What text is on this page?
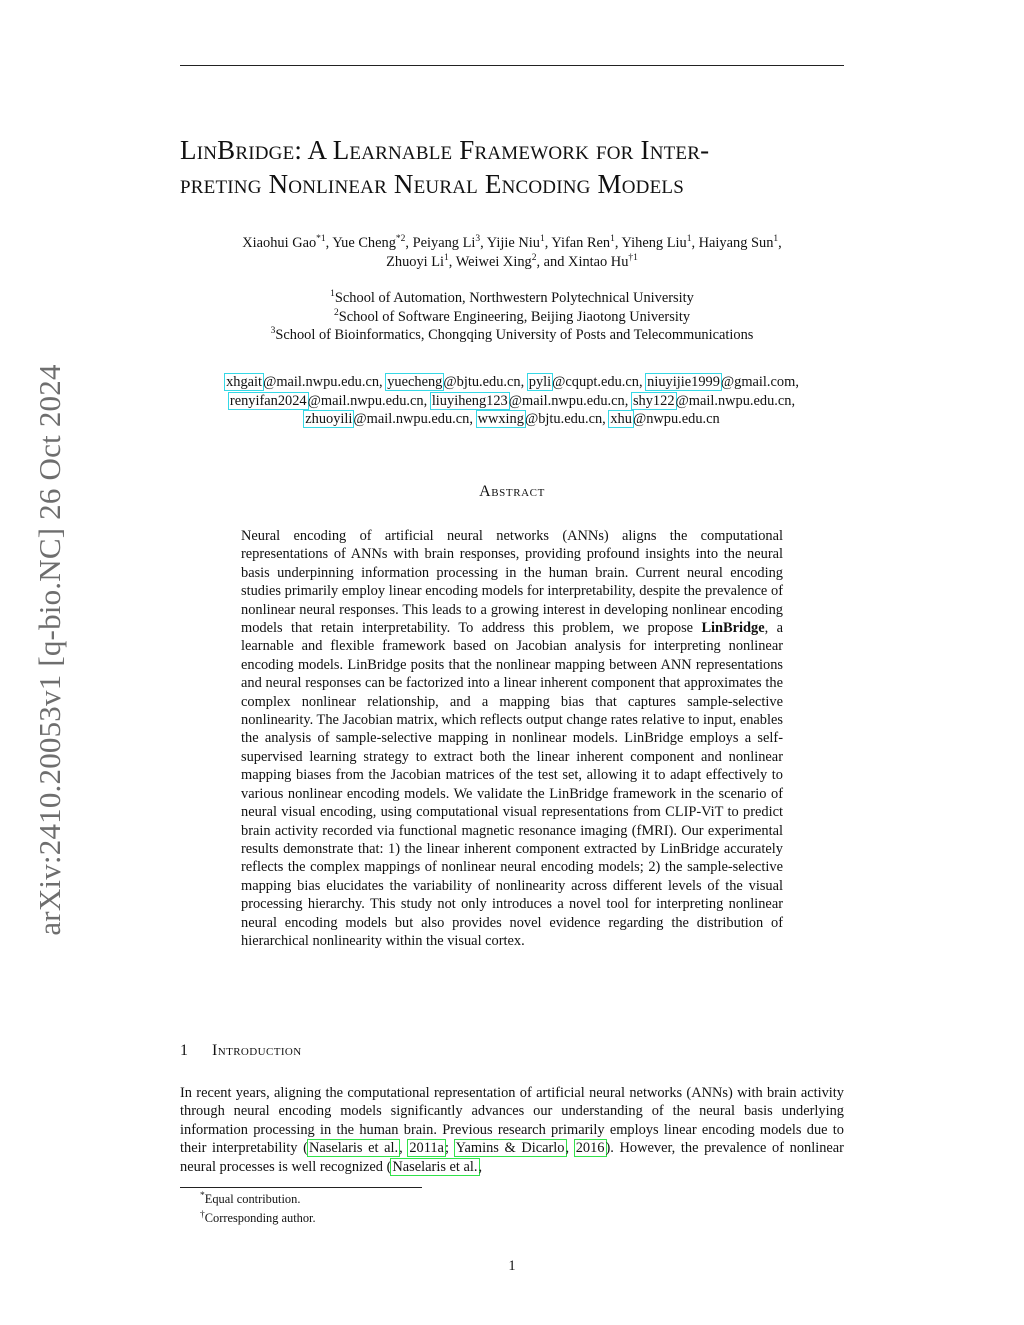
arXiv:2410.20053v1 [q-bio.NC] 26 Oct 2024
LinBridge: A Learnable Framework for Inter-
preting Nonlinear Neural Encoding Models
Xiaohui Gao$^{*1}$, Yue Cheng$^{*2}$, Peiyang Li$^3$, Yijie Niu$^1$, Yifan Ren$^1$, Yiheng Liu$^1$, Haiyang Sun$^1$,
Zhuoyi Li$^1$, Weiwei Xing$^2$, and Xintao Hu$^{\dagger 1}$
$^1$School of Automation, Northwestern Polytechnical University
$^2$School of Software Engineering, Beijing Jiaotong University
$^3$School of Bioinformatics, Chongqing University of Posts and Telecommunications
xhgait@mail.nwpu.edu.cn, yuecheng@bjtu.edu.cn, pyli@cqupt.edu.cn, niuyijie1999@gmail.com,
renyifan2024@mail.nwpu.edu.cn, liuyiheng123@mail.nwpu.edu.cn, shy122@mail.nwpu.edu.cn,
zhuoyili@mail.nwpu.edu.cn, wwxing@bjtu.edu.cn, xhu@nwpu.edu.cn
Abstract
Neural encoding of artificial neural networks (ANNs) aligns the computational representations of ANNs with brain responses, providing profound insights into the neural basis underpinning information processing in the human brain. Current neural encoding studies primarily employ linear encoding models for interpretability, despite the prevalence of nonlinear neural responses. This leads to a growing interest in developing nonlinear encoding models that retain interpretability. To address this problem, we propose LinBridge, a learnable and flexible framework based on Jacobian analysis for interpreting nonlinear encoding models. LinBridge posits that the nonlinear mapping between ANN representations and neural responses can be factorized into a linear inherent component that approximates the complex nonlinear relationship, and a mapping bias that captures sample-selective nonlinearity. The Jacobian matrix, which reflects output change rates relative to input, enables the analysis of sample-selective mapping in nonlinear models. LinBridge employs a self-supervised learning strategy to extract both the linear inherent component and nonlinear mapping biases from the Jacobian matrices of the test set, allowing it to adapt effectively to various nonlinear encoding models. We validate the LinBridge framework in the scenario of neural visual encoding, using computational visual representations from CLIP-ViT to predict brain activity recorded via functional magnetic resonance imaging (fMRI). Our experimental results demonstrate that: 1) the linear inherent component extracted by LinBridge accurately reflects the complex mappings of nonlinear neural encoding models; 2) the sample-selective mapping bias elucidates the variability of nonlinearity across different levels of the visual processing hierarchy. This study not only introduces a novel tool for interpreting nonlinear neural encoding models but also provides novel evidence regarding the distribution of hierarchical nonlinearity within the visual cortex.
1 Introduction
In recent years, aligning the computational representation of artificial neural networks (ANNs) with brain activity through neural encoding models significantly advances our understanding of the neural basis underlying information processing in the human brain. Previous research primarily employs linear encoding models due to their interpretability (Naselaris et al., 2011a; Yamins & Dicarlo, 2016). However, the prevalence of nonlinear neural processes is well recognized (Naselaris et al.,
*Equal contribution.
†Corresponding author.
1
